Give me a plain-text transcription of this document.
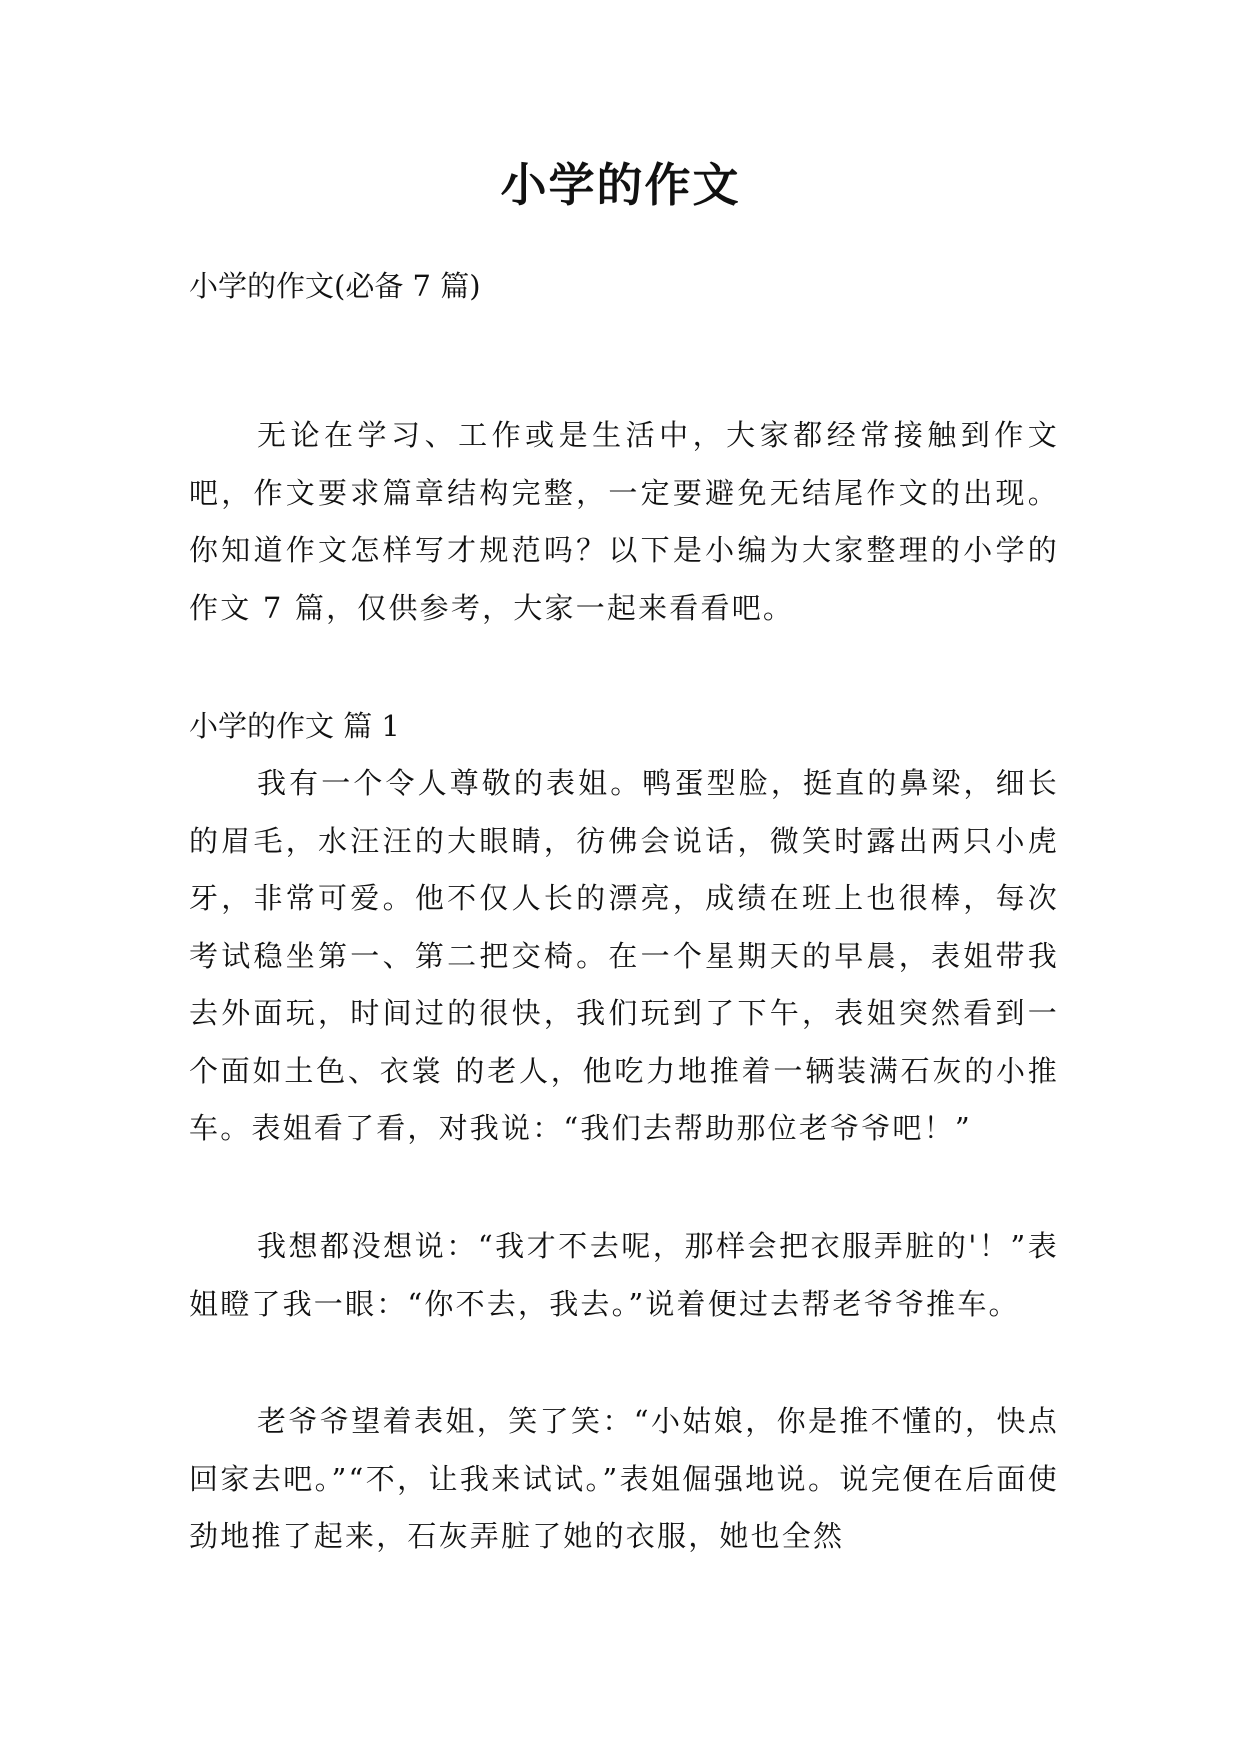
小学的作文
小学的作文(必备 7 篇)

无论在学习、工作或是生活中，大家都经常接触到作文吧，作文要求篇章结构完整，一定要避免无结尾作文的出现。你知道作文怎样写才规范吗？以下是小编为大家整理的小学的作文 7 篇，仅供参考，大家一起来看看吧。

小学的作文 篇 1

我有一个令人尊敬的表姐。鸭蛋型脸，挺直的鼻梁，细长的眉毛，水汪汪的大眼睛，彷佛会说话，微笑时露出两只小虎牙，非常可爱。他不仅人长的漂亮，成绩在班上也很棒，每次考试稳坐第一、第二把交椅。在一个星期天的早晨，表姐带我去外面玩，时间过的很快，我们玩到了下午，表姐突然看到一个面如土色、衣裳 的老人，他吃力地推着一辆装满石灰的小推车。表姐看了看，对我说：“我们去帮助那位老爷爷吧！”

我想都没想说：“我才不去呢，那样会把衣服弄脏的'！”表姐瞪了我一眼：“你不去，我去。”说着便过去帮老爷爷推车。

老爷爷望着表姐，笑了笑：“小姑娘，你是推不懂的，快点回家去吧。”“不，让我来试试。”表姐倔强地说。说完便在后面使劲地推了起来，石灰弄脏了她的衣服，她也全然
